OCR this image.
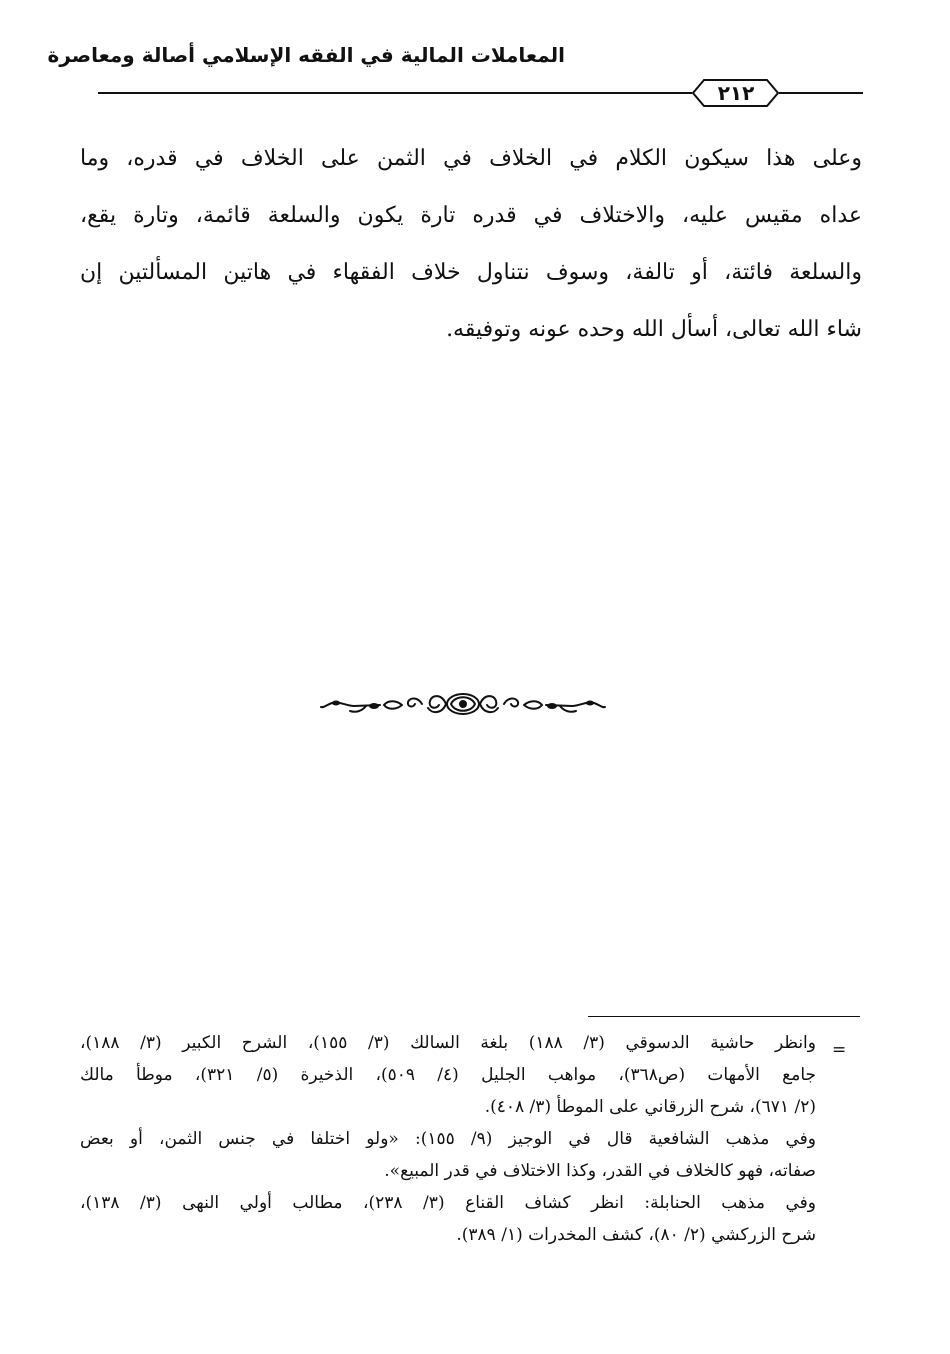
المعاملات المالية في الفقه الإسلامي أصالة ومعاصرة
٢١٢
وعلى هذا سيكون الكلام في الخلاف في الثمن على الخلاف في قدره، وما
عداه مقيس عليه، والاختلاف في قدره تارة يكون والسلعة قائمة، وتارة يقع،
والسلعة فائتة، أو تالفة، وسوف نتناول خلاف الفقهاء في هاتين المسألتين إن
شاء الله تعالى، أسأل الله وحده عونه وتوفيقه.
=
وانظر حاشية الدسوقي (٣/ ١٨٨) بلغة السالك (٣/ ١٥٥)، الشرح الكبير (٣/ ١٨٨)،
جامع الأمهات (ص٣٦٨)، مواهب الجليل (٤/ ٥٠٩)، الذخيرة (٥/ ٣٢١)، موطأ مالك
(٢/ ٦٧١)، شرح الزرقاني على الموطأ (٣/ ٤٠٨).
وفي مذهب الشافعية قال في الوجيز (٩/ ١٥٥): «ولو اختلفا في جنس الثمن، أو بعض
صفاته، فهو كالخلاف في القدر، وكذا الاختلاف في قدر المبيع».
وفي مذهب الحنابلة: انظر كشاف القناع (٣/ ٢٣٨)، مطالب أولي النهى (٣/ ١٣٨)،
شرح الزركشي (٢/ ٨٠)، كشف المخدرات (١/ ٣٨٩).
